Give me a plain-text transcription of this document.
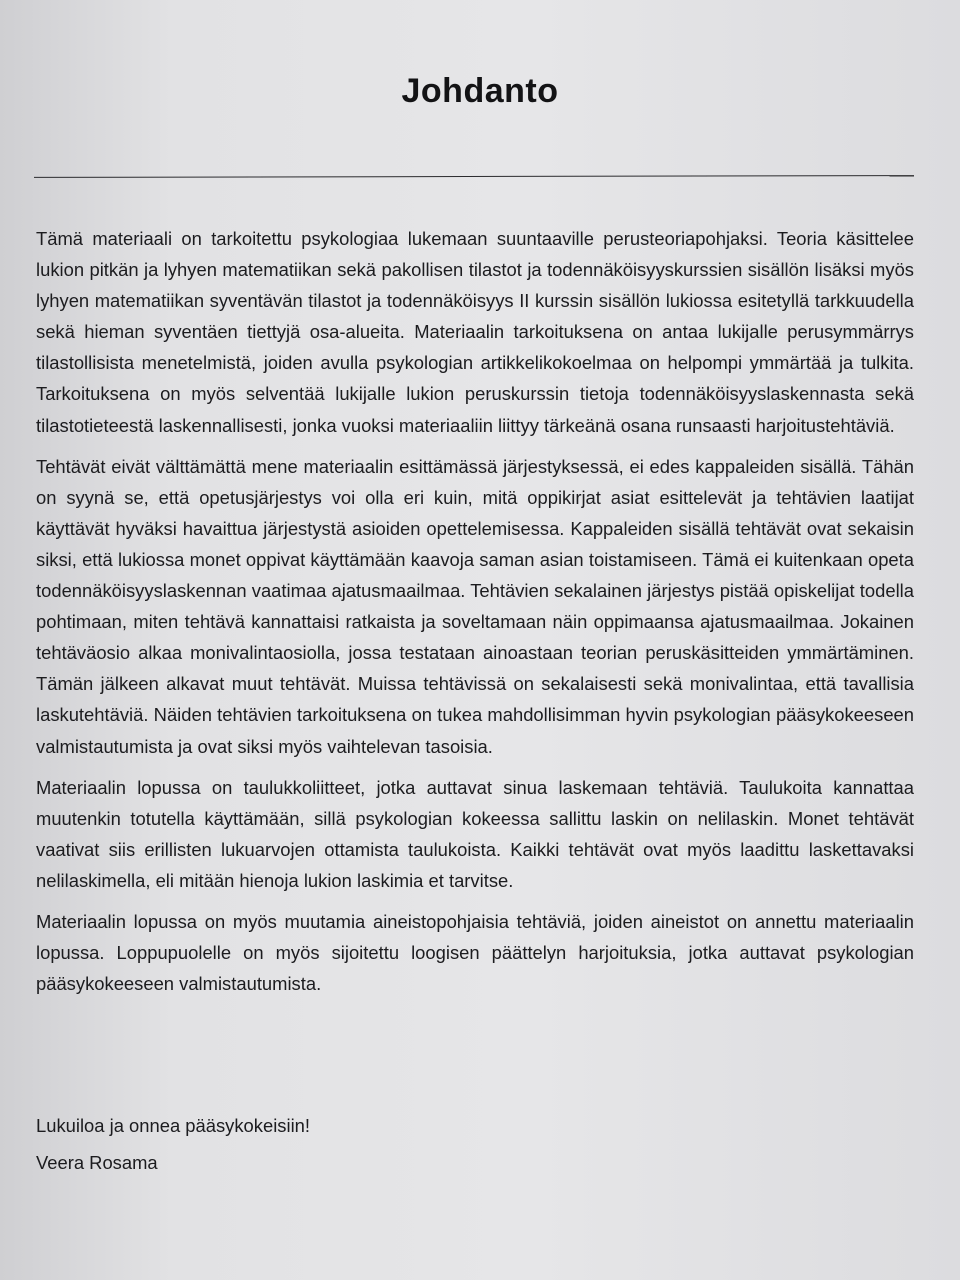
Johdanto

Tämä materiaali on tarkoitettu psykologiaa lukemaan suuntaaville perusteoriapohjaksi. Teoria käsittelee lukion pitkän ja lyhyen matematiikan sekä pakollisen tilastot ja todennäköisyyskurssien sisällön lisäksi myös lyhyen matematiikan syventävän tilastot ja todennäköisyys II kurssin sisällön lukiossa esitetyllä tarkkuudella sekä hieman syventäen tiettyjä osa-alueita. Materiaalin tarkoituksena on antaa lukijalle perusymmärrys tilastollisista menetelmistä, joiden avulla psykologian artikkelikokoelmaa on helpompi ymmärtää ja tulkita. Tarkoituksena on myös selventää lukijalle lukion peruskurssin tietoja todennäköisyyslaskennasta sekä tilastotieteestä laskennallisesti, jonka vuoksi materiaaliin liittyy tärkeänä osana runsaasti harjoitustehtäviä.

Tehtävät eivät välttämättä mene materiaalin esittämässä järjestyksessä, ei edes kappaleiden sisällä. Tähän on syynä se, että opetusjärjestys voi olla eri kuin, mitä oppikirjat asiat esittelevät ja tehtävien laatijat käyttävät hyväksi havaittua järjestystä asioiden opettelemisessa. Kappaleiden sisällä tehtävät ovat sekaisin siksi, että lukiossa monet oppivat käyttämään kaavoja saman asian toistamiseen. Tämä ei kuitenkaan opeta todennäköisyyslaskennan vaatimaa ajatusmaailmaa. Tehtävien sekalainen järjestys pistää opiskelijat todella pohtimaan, miten tehtävä kannattaisi ratkaista ja soveltamaan näin oppimaansa ajatusmaailmaa. Jokainen tehtäväosio alkaa monivalintaosiolla, jossa testataan ainoastaan teorian peruskäsitteiden ymmärtäminen. Tämän jälkeen alkavat muut tehtävät. Muissa tehtävissä on sekalaisesti sekä monivalintaa, että tavallisia laskutehtäviä. Näiden tehtävien tarkoituksena on tukea mahdollisimman hyvin psykologian pääsykokeeseen valmistautumista ja ovat siksi myös vaihtelevan tasoisia.

Materiaalin lopussa on taulukkoliitteet, jotka auttavat sinua laskemaan tehtäviä. Taulukoita kannattaa muutenkin totutella käyttämään, sillä psykologian kokeessa sallittu laskin on nelilaskin. Monet tehtävät vaativat siis erillisten lukuarvojen ottamista taulukoista. Kaikki tehtävät ovat myös laadittu laskettavaksi nelilaskimella, eli mitään hienoja lukion laskimia et tarvitse.

Materiaalin lopussa on myös muutamia aineistopohjaisia tehtäviä, joiden aineistot on annettu materiaalin lopussa. Loppupuolelle on myös sijoitettu loogisen päättelyn harjoituksia, jotka auttavat psykologian pääsykokeeseen valmistautumista.

Lukuiloa ja onnea pääsykokeisiin!
Veera Rosama
